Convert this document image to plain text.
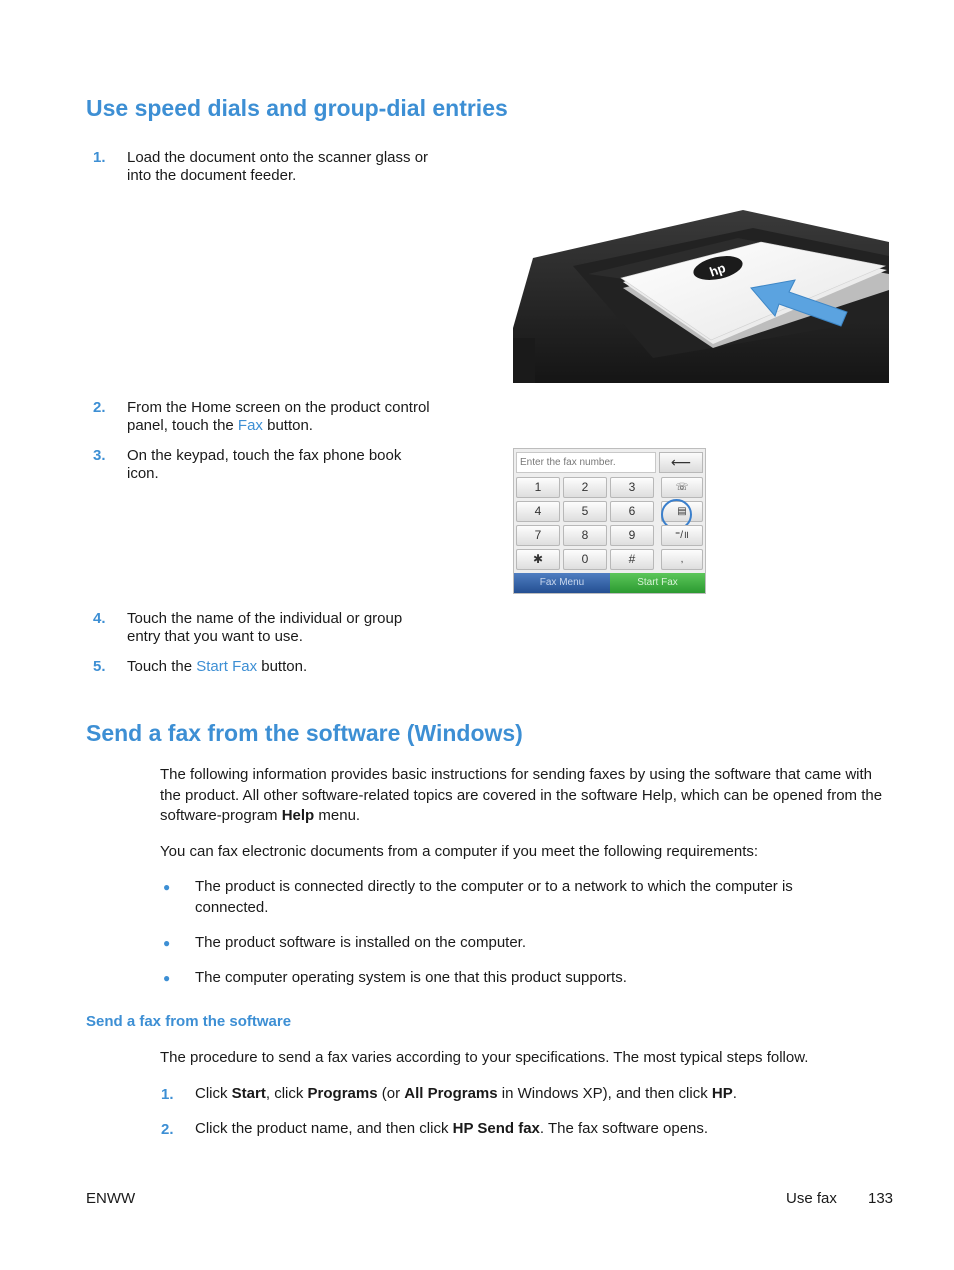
Use speed dials and group-dial entries
1.	Load the document onto the scanner glass or
into the document feeder.
hp
2.	From the Home screen on the product control
panel, touch the Fax button.
3.	On the keypad, touch the fax phone book
icon.
Enter the fax number.	⟵
1	2	3	☏
4	5	6	▤
7	8	9	⁼/॥
✱	0	#	,
Fax Menu	Start Fax
4.	Touch the name of the individual or group
entry that you want to use.
5.	Touch the Start Fax button.
Send a fax from the software (Windows)

The following information provides basic instructions for sending faxes by using the software that came with the product. All other software-related topics are covered in the software Help, which can be opened from the software-program Help menu.

You can fax electronic documents from a computer if you meet the following requirements:

● The product is connected directly to the computer or to a network to which the computer is connected.

● The product software is installed on the computer.

● The computer operating system is one that this product supports.

Send a fax from the software

The procedure to send a fax varies according to your specifications. The most typical steps follow.

1.	Click Start, click Programs (or All Programs in Windows XP), and then click HP.

2.	Click the product name, and then click HP Send fax. The fax software opens.

ENWW	Use fax 133
